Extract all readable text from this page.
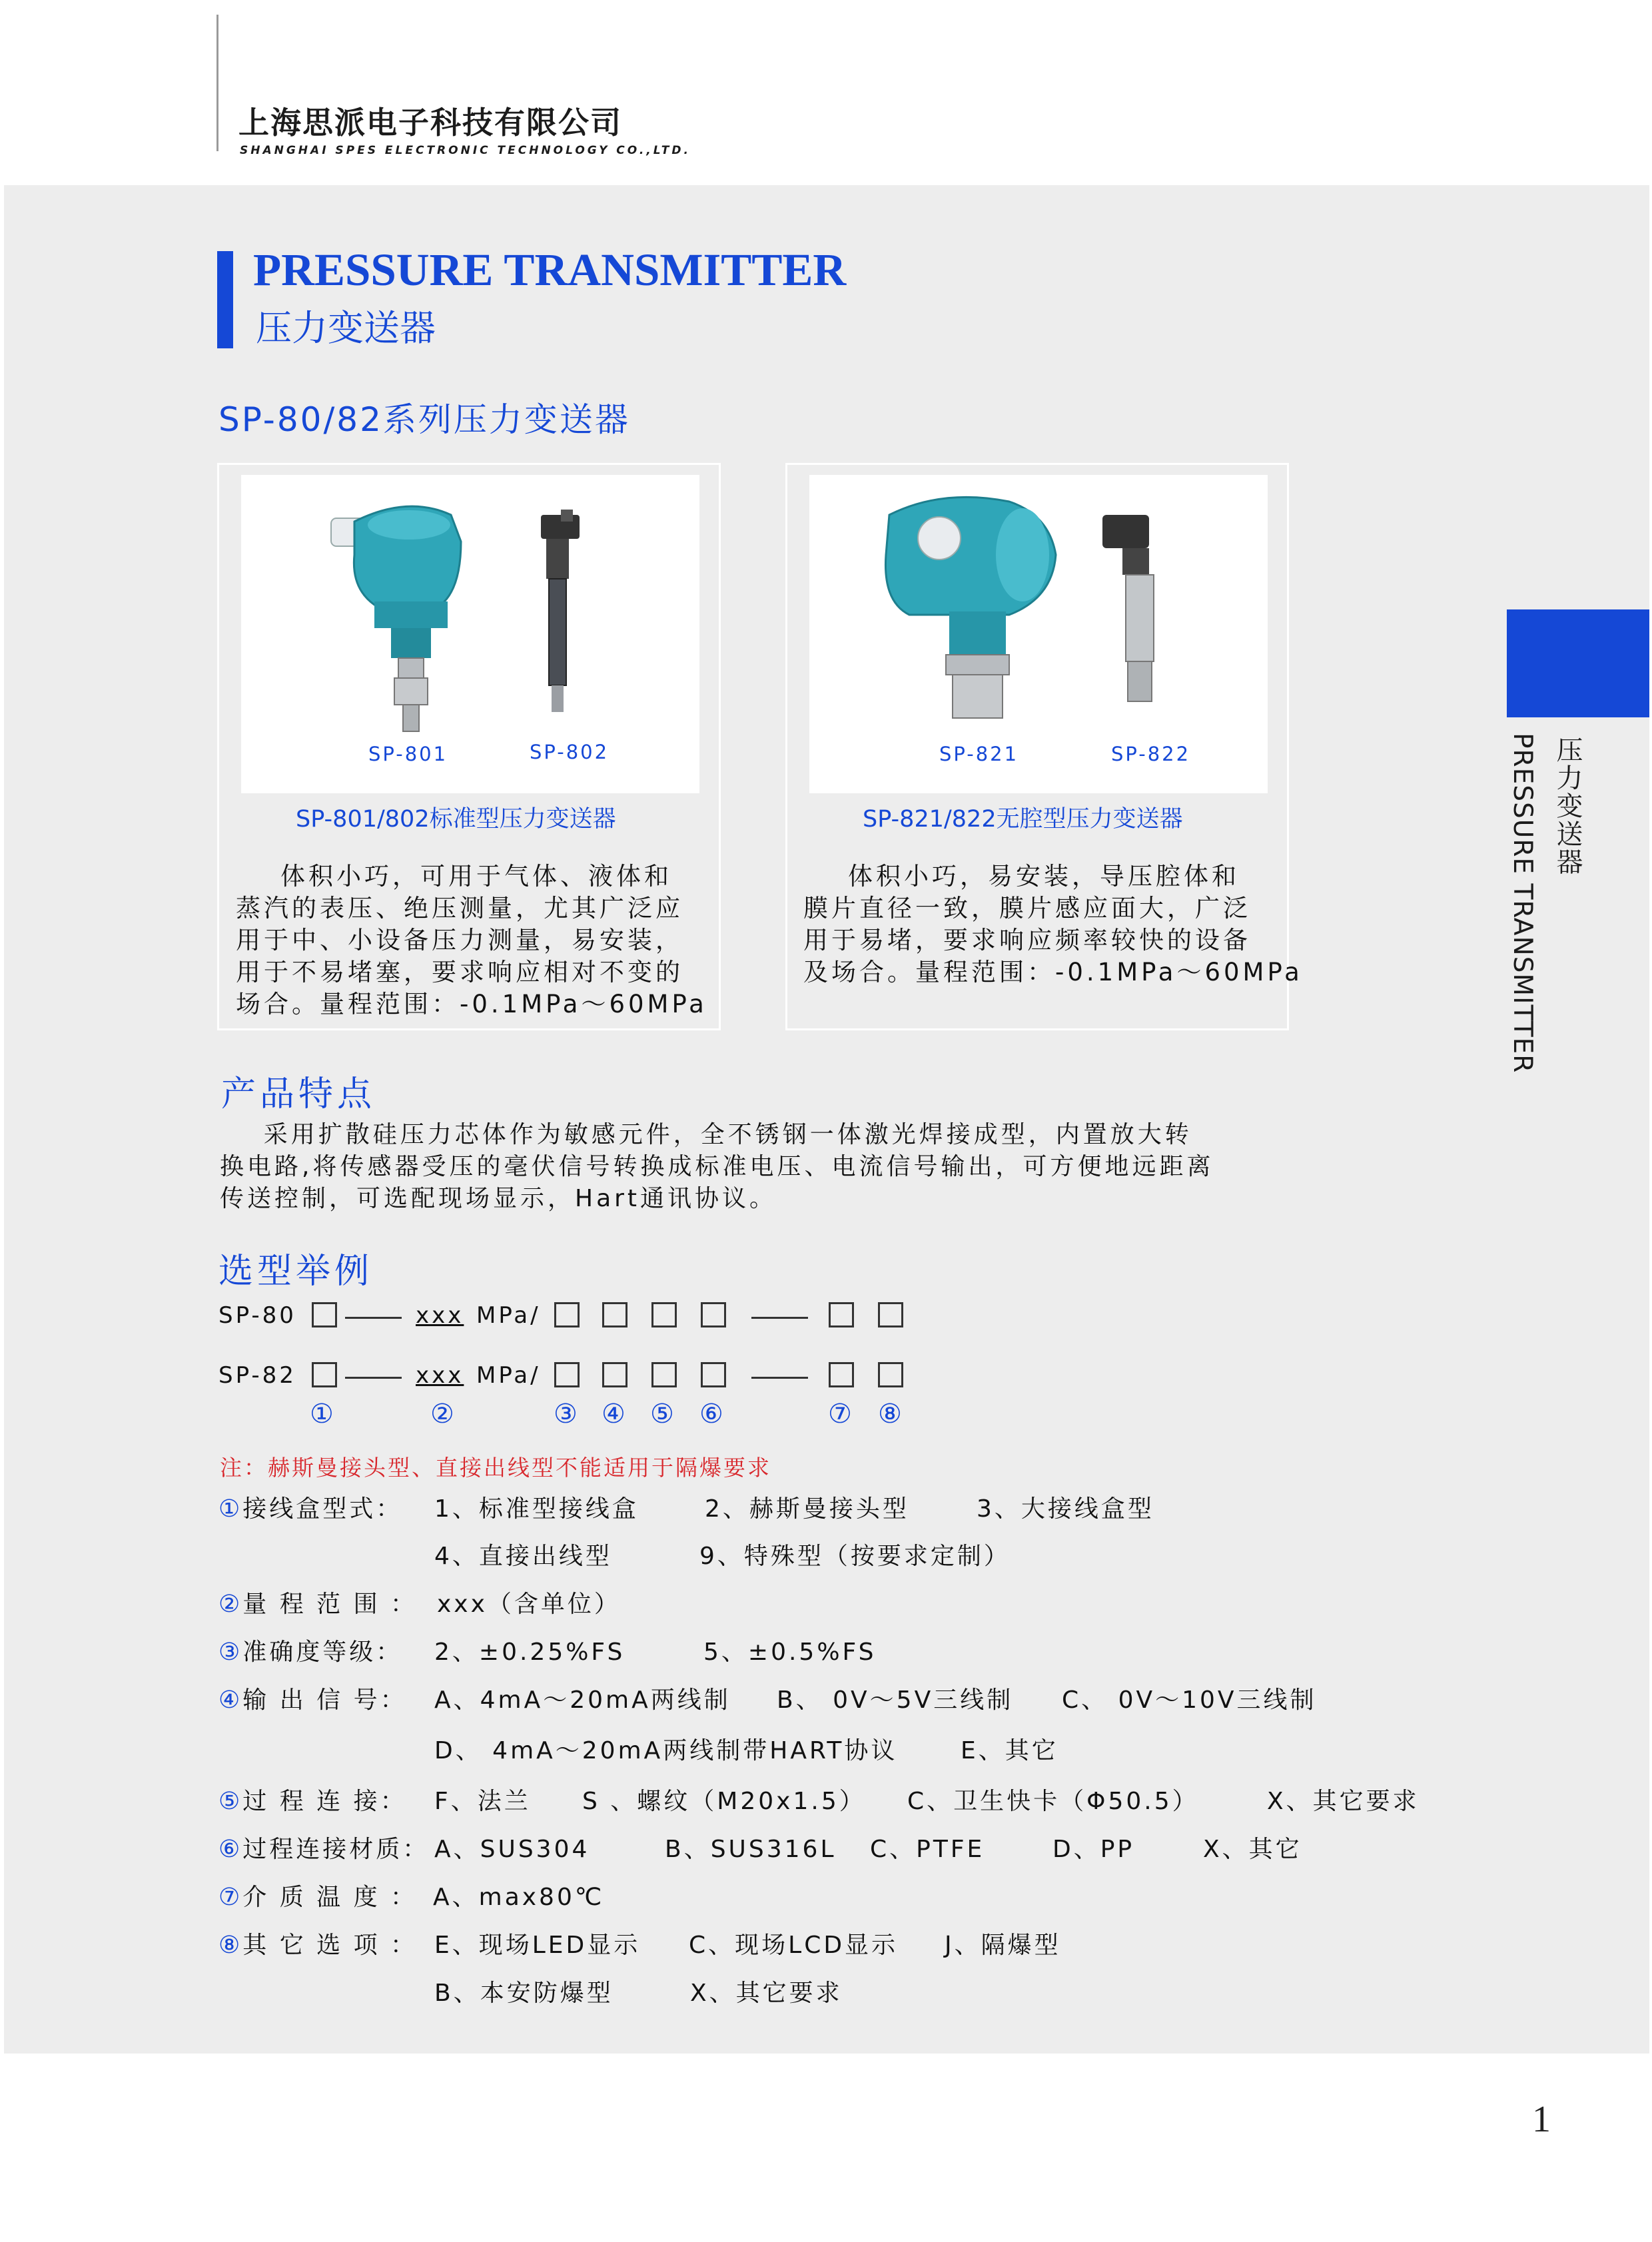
上海思派电子科技有限公司
SHANGHAI SPES ELECTRONIC TECHNOLOGY CO.,LTD.
PRESSURE TRANSMITTER
压力变送器
SP-80/82系列压力变送器
SP-801	SP-802
SP-801/802标准型压力变送器
体积小巧，可用于气体、液体和
蒸汽的表压、绝压测量，尤其广泛应
用于中、小设备压力测量，易安装，
用于不易堵塞，要求响应相对不变的
场合。量程范围：-0.1MPa～60MPa
SP-821	SP-822
SP-821/822无腔型压力变送器
体积小巧，易安装，导压腔体和
膜片直径一致，膜片感应面大，广泛
用于易堵，要求响应频率较快的设备
及场合。量程范围：-0.1MPa～60MPa
压力变送器
PRESSURE TRANSMITTER
产品特点
采用扩散硅压力芯体作为敏感元件，全不锈钢一体激光焊接成型，内置放大转
换电路,将传感器受压的毫伏信号转换成标准电压、电流信号输出，可方便地远距离
传送控制，可选配现场显示，Hart通讯协议。
选型举例
SP-80	xxx MPa/
SP-82	xxx MPa/
①	②	③ ④ ⑤ ⑥	⑦ ⑧
注：赫斯曼接头型、直接出线型不能适用于隔爆要求
①接线盒型式： 1、标准型接线盒	2、赫斯曼接头型	3、大接线盒型
4、直接出线型	9、特殊型（按要求定制）
②量 程 范 围 ： xxx（含单位）
③准确度等级： 2、±0.25%FS	5、±0.5%FS
④输 出 信 号： A、4mA～20mA两线制 B、 0V～5V三线制 C、 0V～10V三线制
D、 4mA～20mA两线制带HART协议	E、其它
⑤过 程 连 接： F、法兰 S 、螺纹（M20x1.5） C、卫生快卡（Φ50.5）	X、其它要求
⑥过程连接材质： A、SUS304	B、SUS316L C、PTFE	D、PP	X、其它
⑦介 质 温 度 ： A、max80℃
⑧其 它 选 项 ： E、现场LED显示 C、现场LCD显示 J、隔爆型
B、本安防爆型	X、其它要求
1
